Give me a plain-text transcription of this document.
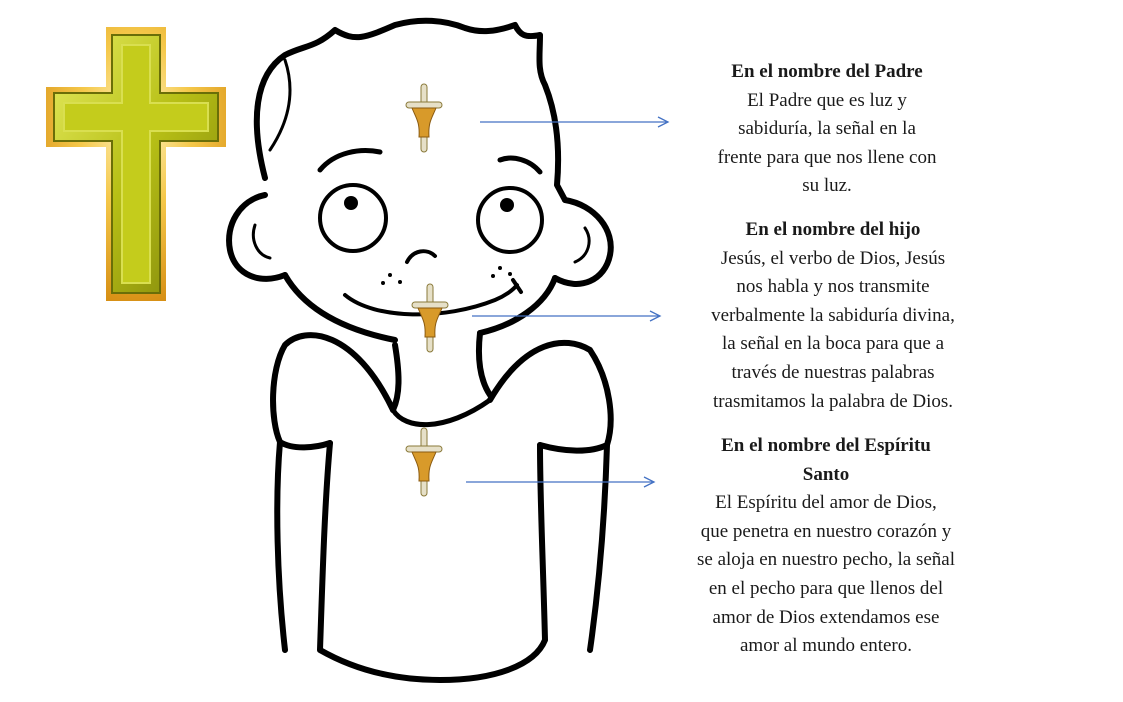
En el nombre del Padre
El Padre que es luz y
sabiduría, la señal en la
frente para que nos llene con
su luz.

En el nombre del hijo
Jesús, el verbo de Dios, Jesús
nos habla y nos transmite
verbalmente la sabiduría divina,
la señal en la boca para que a
través de nuestras palabras
trasmitamos la palabra de Dios.

En el nombre del Espíritu
Santo
El Espíritu del amor de Dios,
que penetra en nuestro corazón y
se aloja en nuestro pecho, la señal
en el pecho para que llenos del
amor de Dios extendamos ese
amor al mundo entero.
